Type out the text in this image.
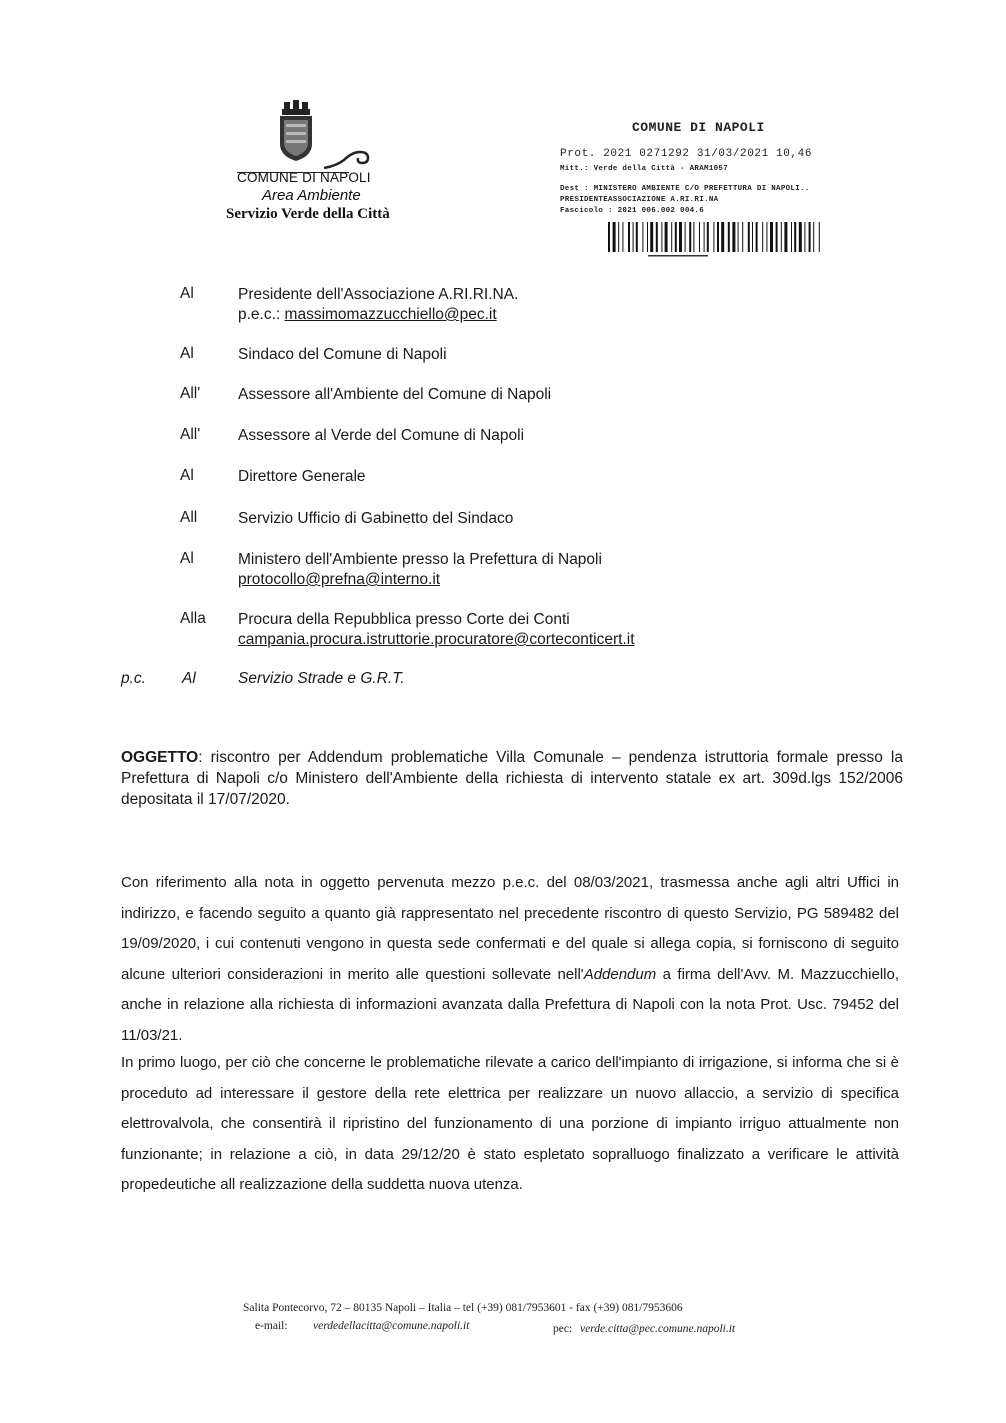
COMUNE DI NAPOLI
Area Ambiente
Servizio Verde della Città
COMUNE DI NAPOLI
Prot. 2021 0271292 31/03/2021 10,46
Mitt.: Verde della Città - ARAM1057
Dest : MINISTERO AMBIENTE C/O PREFETTURA DI NAPOLI..
PRESIDENTEASSOCIAZIONE A.RI.RI.NA
Fascicolo : 2021 006.002 004.6
Al	Presidente dell'Associazione A.RI.RI.NA.
p.e.c.: massimomazzucchiello@pec.it
Al	Sindaco del Comune di Napoli
All' Assessore all'Ambiente del Comune di Napoli
All' Assessore al Verde del Comune di Napoli
Al	Direttore Generale
All	Servizio Ufficio di Gabinetto del Sindaco
Al	Ministero dell'Ambiente presso la Prefettura di Napoli
protocollo@prefna@interno.it
Alla Procura della Repubblica presso Corte dei Conti
campania.procura.istruttorie.procuratore@corteconticert.it
p.c. Al	Servizio Strade e G.R.T.
OGGETTO: riscontro per Addendum problematiche Villa Comunale – pendenza istruttoria formale presso la Prefettura di Napoli c/o Ministero dell'Ambiente della richiesta di intervento statale ex art. 309d.lgs 152/2006 depositata il 17/07/2020.
Con riferimento alla nota in oggetto pervenuta mezzo p.e.c. del 08/03/2021, trasmessa anche agli altri Uffici in indirizzo, e facendo seguito a quanto già rappresentato nel precedente riscontro di questo Servizio, PG 589482 del 19/09/2020, i cui contenuti vengono in questa sede confermati e del quale si allega copia, si forniscono di seguito alcune ulteriori considerazioni in merito alle questioni sollevate nell'Addendum a firma dell'Avv. M. Mazzucchiello, anche in relazione alla richiesta di informazioni avanzata dalla Prefettura di Napoli con la nota Prot. Usc. 79452 del 11/03/21.
In primo luogo, per ciò che concerne le problematiche rilevate a carico dell'impianto di irrigazione, si informa che si è proceduto ad interessare il gestore della rete elettrica per realizzare un nuovo allaccio, a servizio di specifica elettrovalvola, che consentirà il ripristino del funzionamento di una porzione di impianto irriguo attualmente non funzionante; in relazione a ciò, in data 29/12/20 è stato espletato sopralluogo finalizzato a verificare le attività propedeutiche all realizzazione della suddetta nuova utenza.
Salita Pontecorvo, 72 – 80135 Napoli – Italia – tel (+39) 081/7953601 - fax (+39) 081/7953606
e-mail: verdedellacitta@comune.napoli.it	pec: verde.citta@pec.comune.napoli.it
